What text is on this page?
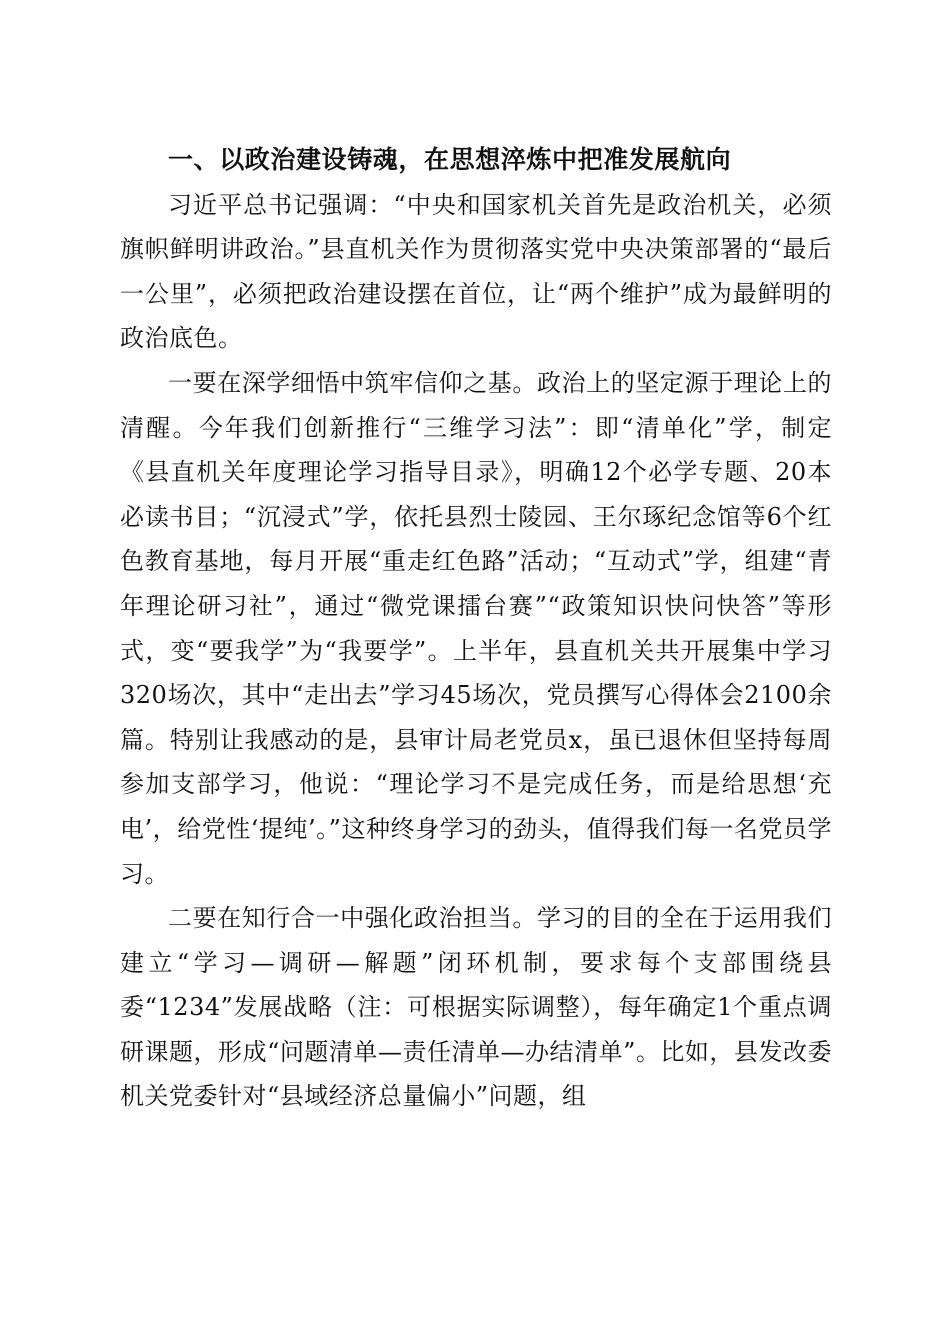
一、以政治建设铸魂，在思想淬炼中把准发展航向

习近平总书记强调：“中央和国家机关首先是政治机关，必须旗帜鲜明讲政治。”县直机关作为贯彻落实党中央决策部署的“最后一公里”，必须把政治建设摆在首位，让“两个维护”成为最鲜明的政治底色。

一要在深学细悟中筑牢信仰之基。政治上的坚定源于理论上的清醒。今年我们创新推行“三维学习法”：即“清单化”学，制定《县直机关年度理论学习指导目录》，明确12个必学专题、20本必读书目；“沉浸式”学，依托县烈士陵园、王尔琢纪念馆等6个红色教育基地，每月开展“重走红色路”活动；“互动式”学，组建“青年理论研习社”，通过“微党课擂台赛”“政策知识快问快答”等形式，变“要我学”为“我要学”。上半年，县直机关共开展集中学习320场次，其中“走出去”学习45场次，党员撰写心得体会2100余篇。特别让我感动的是，县审计局老党员x，虽已退休但坚持每周参加支部学习，他说：“理论学习不是完成任务，而是给思想‘充电’，给党性‘提纯’。”这种终身学习的劲头，值得我们每一名党员学习。

二要在知行合一中强化政治担当。学习的目的全在于运用我们建立“学习—调研—解题”闭环机制，要求每个支部围绕县委“1234”发展战略（注：可根据实际调整），每年确定1个重点调研课题，形成“问题清单—责任清单—办结清单”。比如，县发改委机关党委针对“县域经济总量偏小”问题，组
